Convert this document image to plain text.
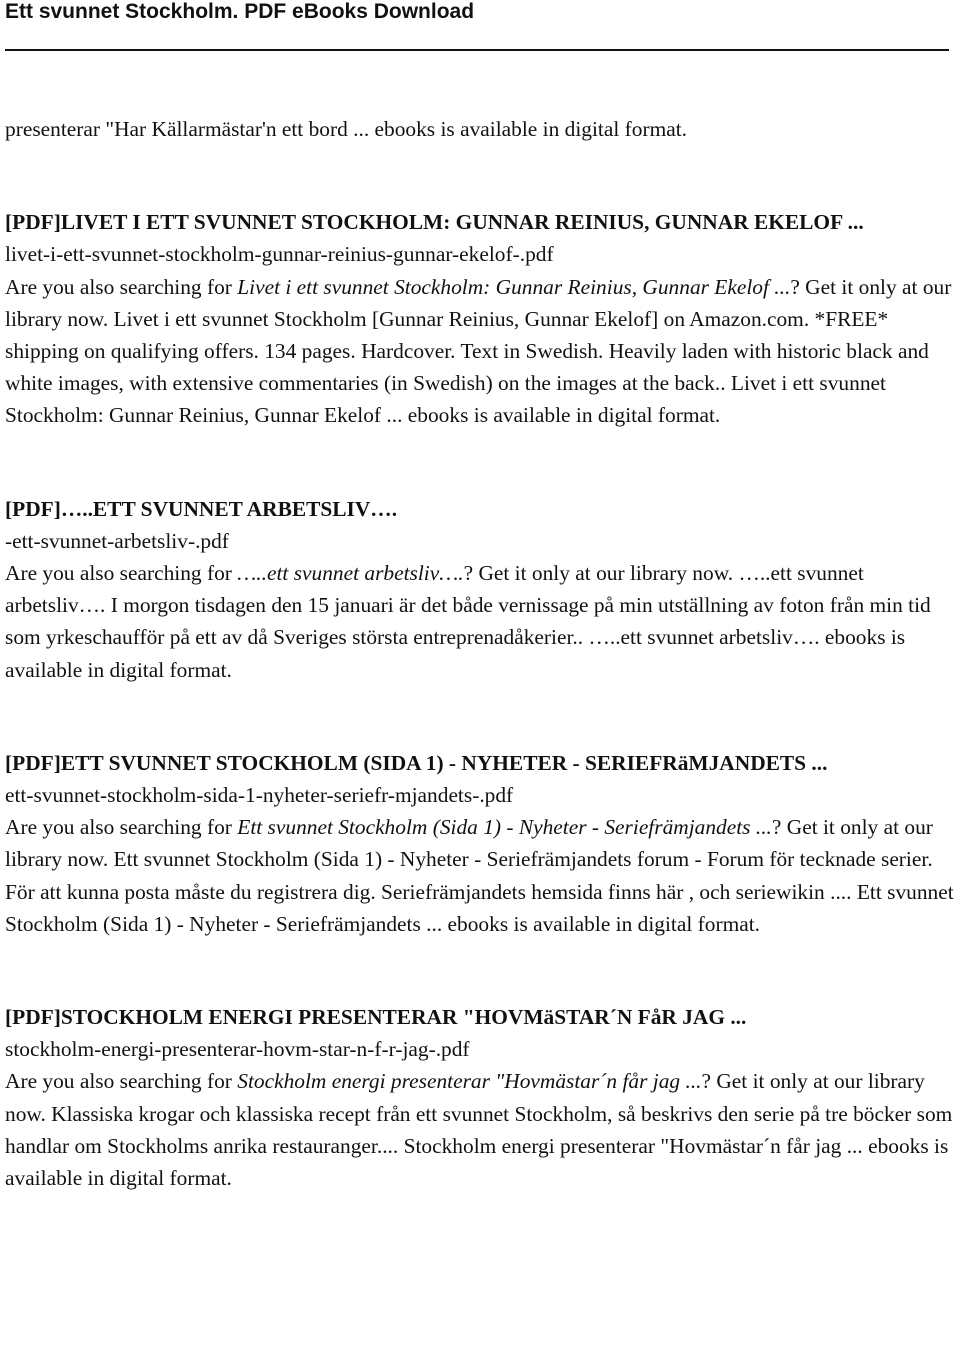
Ett svunnet Stockholm. PDF eBooks Download

presenterar "Har Källarmästar'n ett bord ... ebooks is available in digital format.

[PDF]LIVET I ETT SVUNNET STOCKHOLM: GUNNAR REINIUS, GUNNAR EKELOF ...

livet-i-ett-svunnet-stockholm-gunnar-reinius-gunnar-ekelof-.pdf

Are you also searching for Livet i ett svunnet Stockholm: Gunnar Reinius, Gunnar Ekelof ...? Get it only at our library now. Livet i ett svunnet Stockholm [Gunnar Reinius, Gunnar Ekelof] on Amazon.com. *FREE* shipping on qualifying offers. 134 pages. Hardcover. Text in Swedish. Heavily laden with historic black and white images, with extensive commentaries (in Swedish) on the images at the back.. Livet i ett svunnet Stockholm: Gunnar Reinius, Gunnar Ekelof ... ebooks is available in digital format.

[PDF]…..ETT SVUNNET ARBETSLIV….

-ett-svunnet-arbetsliv-.pdf

Are you also searching for …..ett svunnet arbetsliv….? Get it only at our library now. …..ett svunnet arbetsliv…. I morgon tisdagen den 15 januari är det både vernissage på min utställning av foton från min tid som yrkeschaufför på ett av då Sveriges största entreprenadåkerier.. …..ett svunnet arbetsliv…. ebooks is available in digital format.

[PDF]ETT SVUNNET STOCKHOLM (SIDA 1) - NYHETER - SERIEFRäMJANDETS ...

ett-svunnet-stockholm-sida-1-nyheter-seriefr-mjandets-.pdf

Are you also searching for Ett svunnet Stockholm (Sida 1) - Nyheter - Seriefrämjandets ...? Get it only at our library now. Ett svunnet Stockholm (Sida 1) - Nyheter - Seriefrämjandets forum - Forum för tecknade serier. För att kunna posta måste du registrera dig. Seriefrämjandets hemsida finns här , och seriewikin .... Ett svunnet Stockholm (Sida 1) - Nyheter - Seriefrämjandets ... ebooks is available in digital format.

[PDF]STOCKHOLM ENERGI PRESENTERAR "HOVMäSTAR´N FåR JAG ...

stockholm-energi-presenterar-hovm-star-n-f-r-jag-.pdf

Are you also searching for Stockholm energi presenterar "Hovmästar´n får jag ...? Get it only at our library now. Klassiska krogar och klassiska recept från ett svunnet Stockholm, så beskrivs den serie på tre böcker som handlar om Stockholms anrika restauranger.... Stockholm energi presenterar "Hovmästar´n får jag ... ebooks is available in digital format.
